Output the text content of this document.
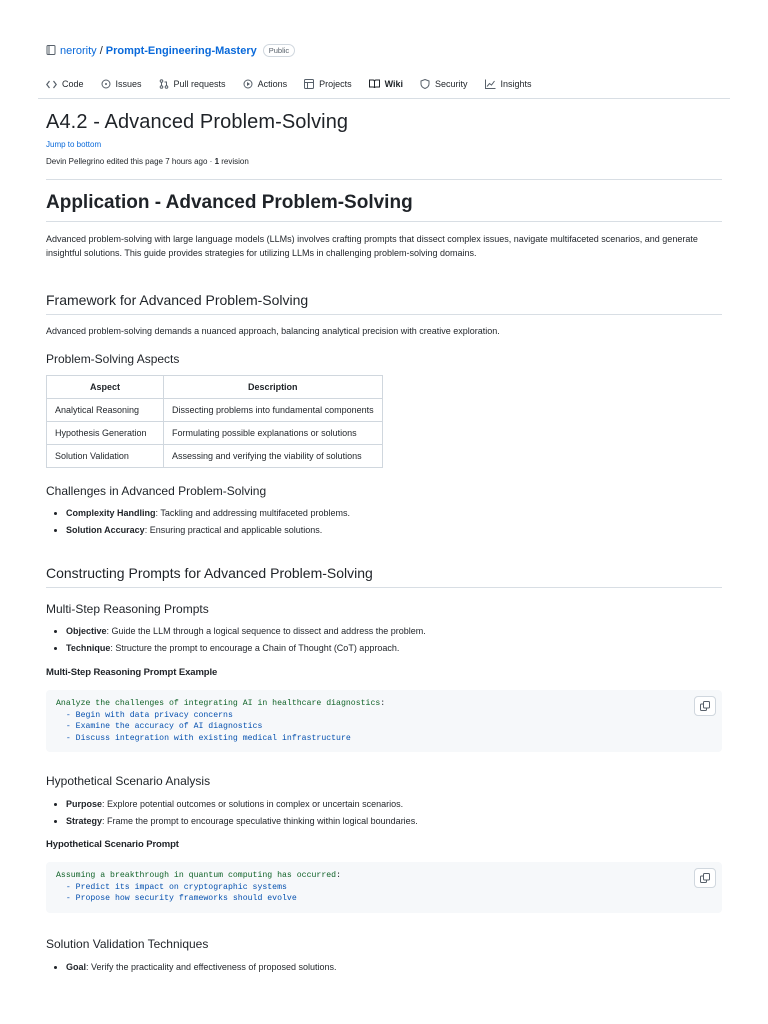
nerority / Prompt-Engineering-Mastery	Public
Code	Issues	Pull requests	Actions	Projects	Wiki	Security	Insights
A4.2 - Advanced Problem-Solving
Jump to bottom
Devin Pellegrino edited this page 7 hours ago · 1 revision
Application - Advanced Problem-Solving

Advanced problem-solving with large language models (LLMs) involves crafting prompts that dissect complex issues, navigate multifaceted scenarios, and generate insightful solutions. This guide provides strategies for utilizing LLMs in challenging problem-solving domains.

Framework for Advanced Problem-Solving

Advanced problem-solving demands a nuanced approach, balancing analytical precision with creative exploration.

Problem-Solving Aspects
Aspect	Description
Analytical Reasoning	Dissecting problems into fundamental components
Hypothesis Generation	Formulating possible explanations or solutions
Solution Validation	Assessing and verifying the viability of solutions
Challenges in Advanced Problem-Solving
• Complexity Handling: Tackling and addressing multifaceted problems.
• Solution Accuracy: Ensuring practical and applicable solutions.
Constructing Prompts for Advanced Problem-Solving
Multi-Step Reasoning Prompts
• Objective: Guide the LLM through a logical sequence to dissect and address the problem.
• Technique: Structure the prompt to encourage a Chain of Thought (CoT) approach.
Multi-Step Reasoning Prompt Example
Analyze the challenges of integrating AI in healthcare diagnostics:
- Begin with data privacy concerns
- Examine the accuracy of AI diagnostics
- Discuss integration with existing medical infrastructure
Hypothetical Scenario Analysis
• Purpose: Explore potential outcomes or solutions in complex or uncertain scenarios.
• Strategy: Frame the prompt to encourage speculative thinking within logical boundaries.
Hypothetical Scenario Prompt
Assuming a breakthrough in quantum computing has occurred:
- Predict its impact on cryptographic systems
- Propose how security frameworks should evolve
Solution Validation Techniques
• Goal: Verify the practicality and effectiveness of proposed solutions.
